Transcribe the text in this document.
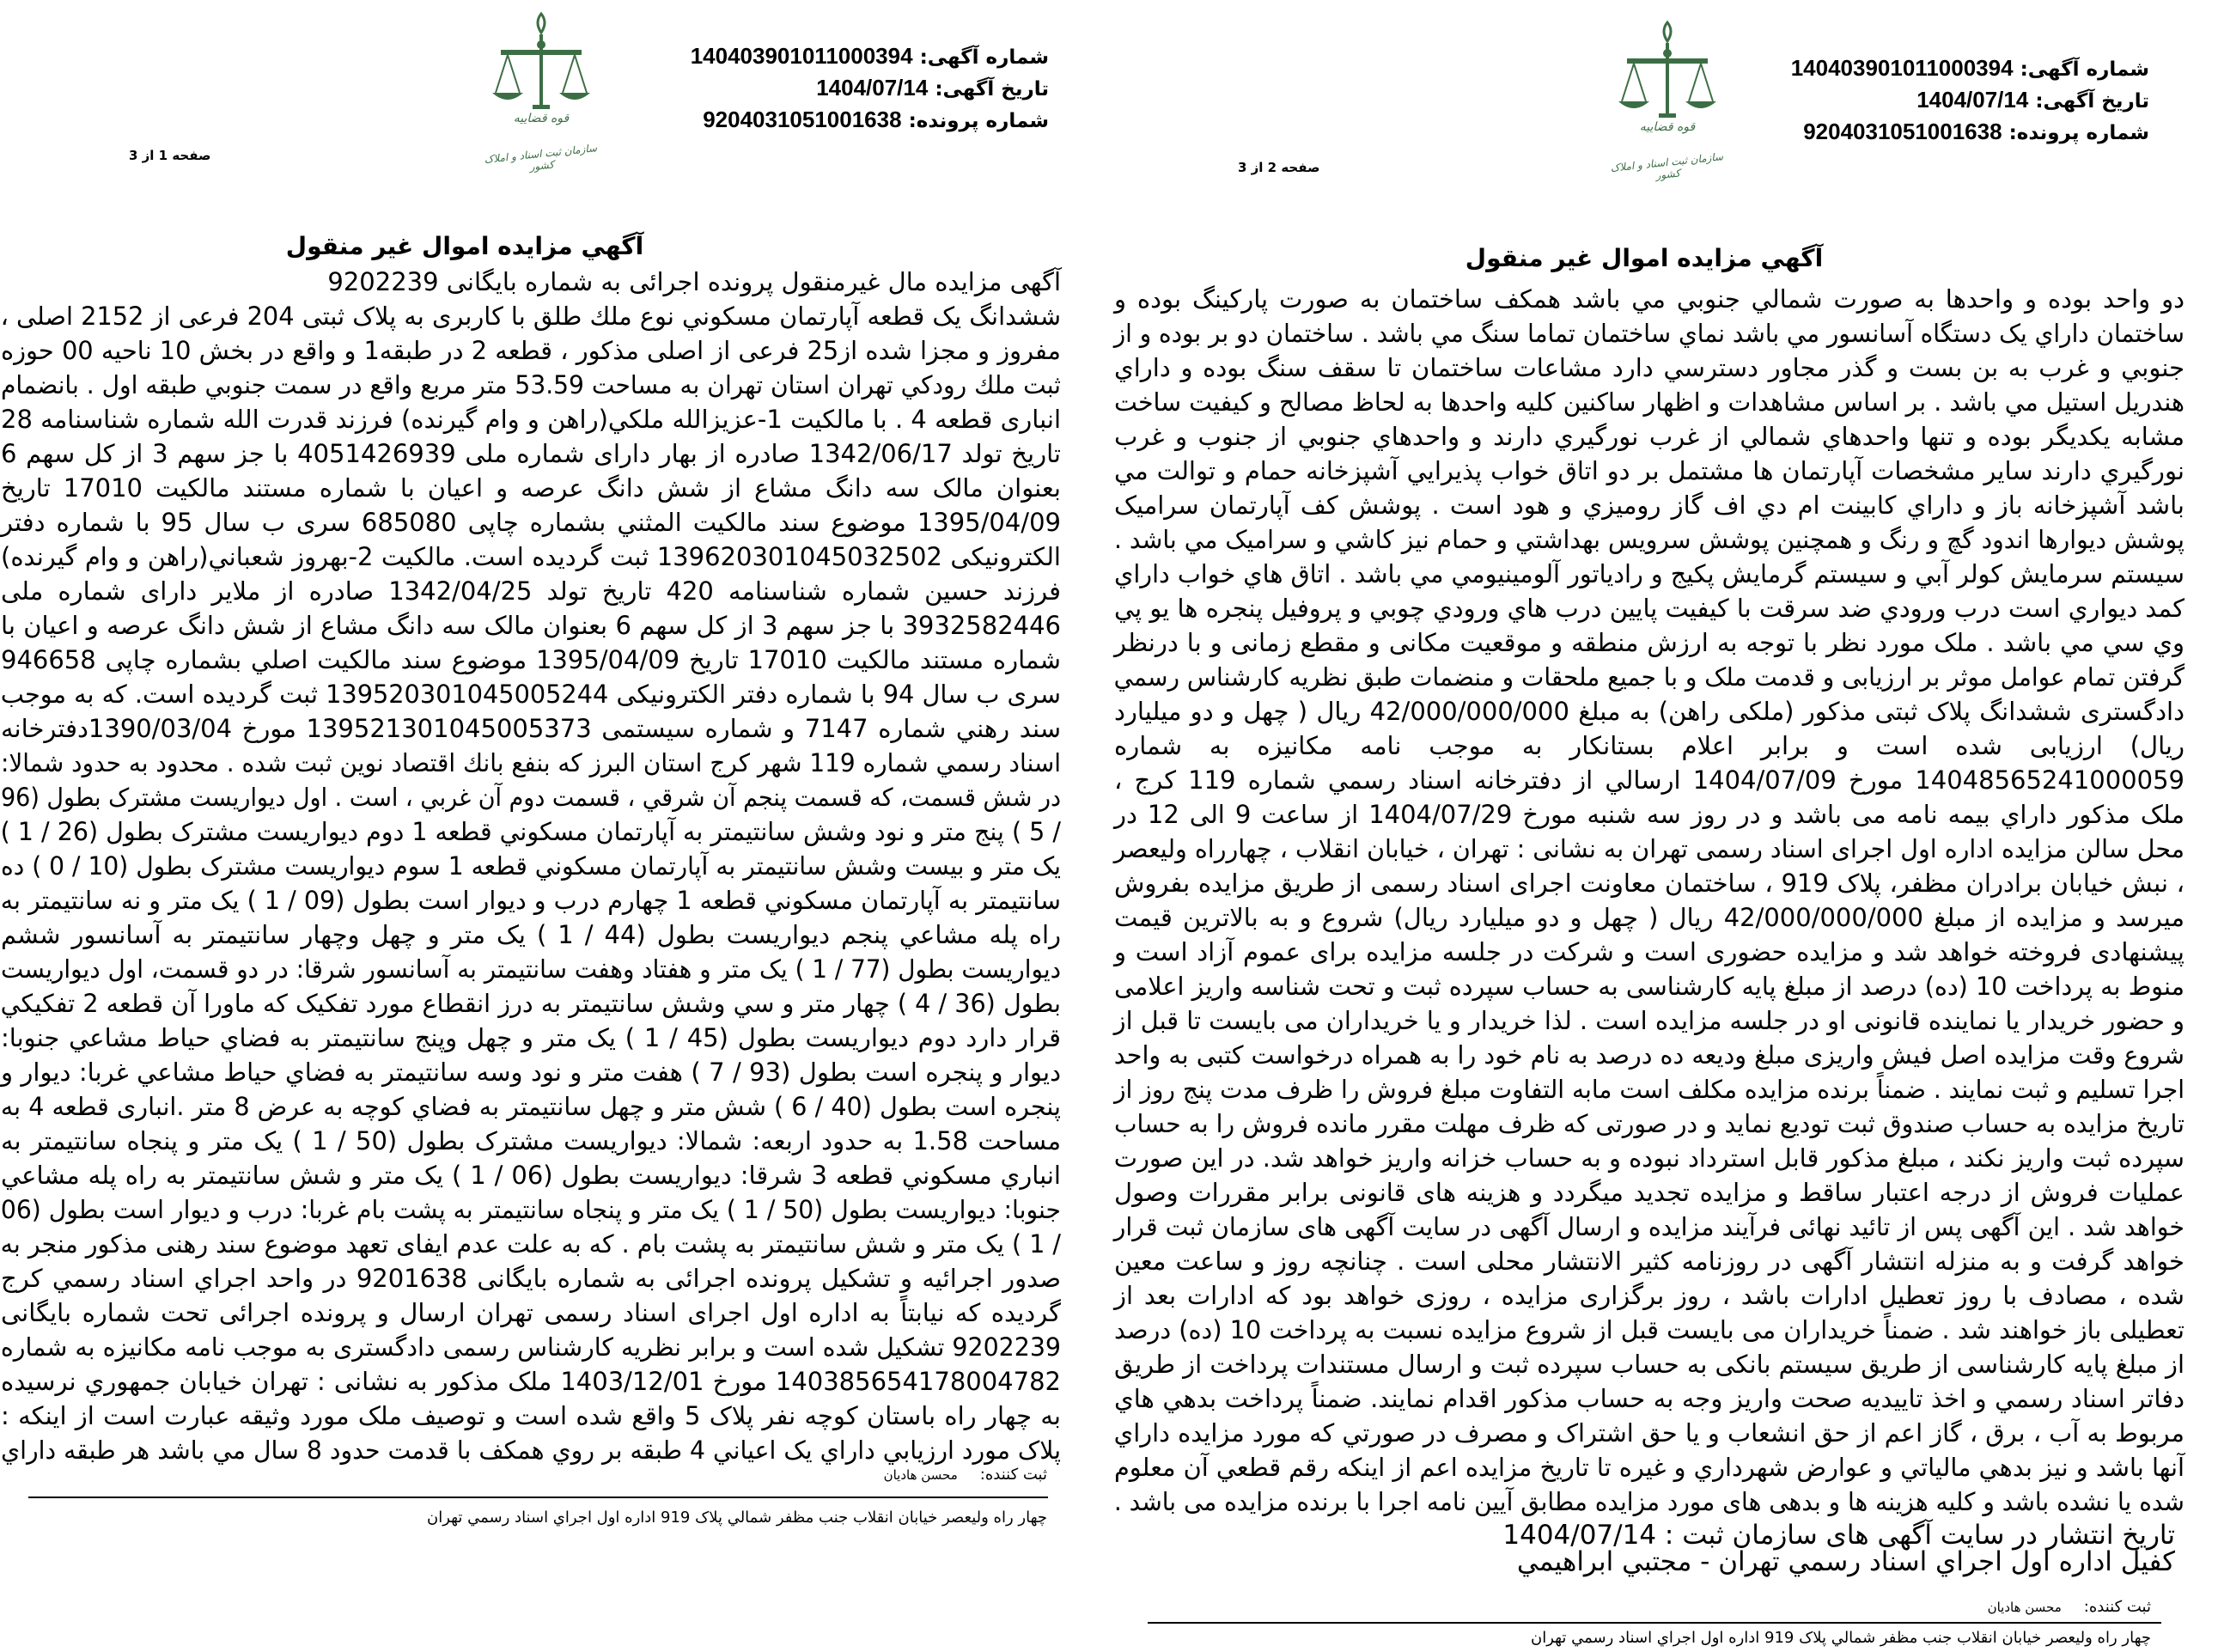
شماره آگهی: 140403901011000394
تاریخ آگهی: 1404/07/14
شماره پرونده: 9204031051001638
قوه قضاییه
سازمان ثبت اسناد و املاک کشور
صفحه 1 از 3
آگهي مزايده اموال غير منقول
آگهی مزایده مال غیرمنقول پرونده اجرائی به شماره بایگانی 9202239
ششدانگ یک قطعه آپارتمان مسكوني نوع ملك طلق با كاربری به پلاک ثبتی 204 فرعی از 2152 اصلی ،
مفروز و مجزا شده از25 فرعی از اصلی مذكور ، قطعه 2 در طبقه1 و واقع در بخش 10 ناحيه 00 حوزه
ثبت ملك رودكي تهران استان تهران به مساحت 53.59 متر مربع واقع در سمت جنوبي طبقه اول . بانضمام
انباری قطعه 4 . با مالكيت 1-عزيزالله ملكي(راهن و وام گيرنده) فرزند قدرت الله شماره شناسنامه 28
تاريخ تولد 1342/06/17 صادره از بهار دارای شماره ملی 4051426939 با جز سهم 3 از كل سهم 6
بعنوان مالک سه دانگ مشاع از شش دانگ عرصه و اعيان با شماره مستند مالكيت 17010 تاريخ
1395/04/09 موضوع سند مالكيت المثني بشماره چاپی 685080 سری ب سال 95 با شماره دفتر
الكترونيكی 139620301045032502 ثبت گرديده است. مالكيت 2-بهروز شعباني(راهن و وام گيرنده)
فرزند حسين شماره شناسنامه 420 تاريخ تولد 1342/04/25 صادره از ملاير دارای شماره ملی
3932582446 با جز سهم 3 از كل سهم 6 بعنوان مالک سه دانگ مشاع از شش دانگ عرصه و اعيان با
شماره مستند مالكيت 17010 تاريخ 1395/04/09 موضوع سند مالكيت اصلي بشماره چاپی 946658
سری ب سال 94 با شماره دفتر الكترونيكی 139520301045005244 ثبت گرديده است. كه به موجب
سند رهني شماره 7147 و شماره سيستمی 139521301045005373 مورخ 1390/03/04دفترخانه
اسناد رسمي شماره 119 شهر كرج استان البرز كه بنفع بانك اقتصاد نوين ثبت شده . محدود به حدود شمالا:
در شش قسمت، كه قسمت پنجم آن شرقي ، قسمت دوم آن غربي ، است . اول ديواريست مشترک بطول (96
/ 5 ) پنج متر و نود وشش سانتيمتر به آپارتمان مسكوني قطعه 1 دوم ديواريست مشترک بطول (26 / 1 )
يک متر و بيست وشش سانتيمتر به آپارتمان مسكوني قطعه 1 سوم ديواريست مشترک بطول (10 / 0 ) ده
سانتيمتر به آپارتمان مسكوني قطعه 1 چهارم درب و ديوار است بطول (09 / 1 ) يک متر و نه سانتيمتر به
راه پله مشاعي پنجم ديواريست بطول (44 / 1 ) يک متر و چهل وچهار سانتيمتر به آسانسور ششم
ديواريست بطول (77 / 1 ) يک متر و هفتاد وهفت سانتيمتر به آسانسور شرقا: در دو قسمت، اول ديواريست
بطول (36 / 4 ) چهار متر و سي وشش سانتيمتر به درز انقطاع مورد تفكيک كه ماورا آن قطعه 2 تفكيكي
قرار دارد دوم ديواريست بطول (45 / 1 ) يک متر و چهل وپنج سانتيمتر به فضاي حياط مشاعي جنوبا:
ديوار و پنجره است بطول (93 / 7 ) هفت متر و نود وسه سانتيمتر به فضاي حياط مشاعي غربا: ديوار و
پنجره است بطول (40 / 6 ) شش متر و چهل سانتيمتر به فضاي كوچه به عرض 8 متر .انباری قطعه 4 به
مساحت 1.58 به حدود اربعه: شمالا: ديواريست مشترک بطول (50 / 1 ) يک متر و پنجاه سانتيمتر به
انباري مسكوني قطعه 3 شرقا: ديواريست بطول (06 / 1 ) يک متر و شش سانتيمتر به راه پله مشاعي
جنوبا: ديواريست بطول (50 / 1 ) يک متر و پنجاه سانتيمتر به پشت بام غربا: درب و ديوار است بطول (06
/ 1 ) يک متر و شش سانتيمتر به پشت بام . كه به علت عدم ايفای تعهد موضوع سند رهنی مذكور منجر به
صدور اجرائيه و تشكيل پرونده اجرائی به شماره بايگانی 9201638 در واحد اجراي اسناد رسمي كرج
گرديده كه نيابتاً به اداره اول اجرای اسناد رسمی تهران ارسال و پرونده اجرائی تحت شماره بايگانی
9202239 تشكيل شده است و برابر نظريه كارشناس رسمی دادگستری به موجب نامه مكانيزه به شماره
140385654178004782 مورخ 1403/12/01 ملک مذكور به نشانی : تهران خيابان جمهوري نرسيده
به چهار راه باستان كوچه نفر پلاک 5 واقع شده است و توصيف ملک مورد وثيقه عبارت است از اينكه :
پلاک مورد ارزيابي داراي يک اعياني 4 طبقه بر روي همكف با قدمت حدود 8 سال مي باشد هر طبقه داراي
ثبت كننده:محسن هاديان
چهار راه وليعصر خيابان انقلاب جنب مظفر شمالي پلاک 919 اداره اول اجراي اسناد رسمي تهران
شماره آگهی: 140403901011000394
تاریخ آگهی: 1404/07/14
شماره پرونده: 9204031051001638
قوه قضاییه
سازمان ثبت اسناد و املاک کشور
صفحه 2 از 3
آگهي مزايده اموال غير منقول
دو واحد بوده و واحدها به صورت شمالي جنوبي مي باشد همكف ساختمان به صورت پاركينگ بوده و
ساختمان داراي يک دستگاه آسانسور مي باشد نماي ساختمان تماما سنگ مي باشد . ساختمان دو بر بوده و از
جنوبي و غرب به بن بست و گذر مجاور دسترسي دارد مشاعات ساختمان تا سقف سنگ بوده و داراي
هندريل استيل مي باشد . بر اساس مشاهدات و اظهار ساكنين كليه واحدها به لحاظ مصالح و كيفيت ساخت
مشابه يكديگر بوده و تنها واحدهاي شمالي از غرب نورگيري دارند و واحدهاي جنوبي از جنوب و غرب
نورگيري دارند ساير مشخصات آپارتمان ها مشتمل بر دو اتاق خواب پذيرايي آشپزخانه حمام و توالت مي
باشد آشپزخانه باز و داراي كابينت ام دي اف گاز روميزي و هود است . پوشش كف آپارتمان سراميک
پوشش ديوارها اندود گچ و رنگ و همچنين پوشش سرويس بهداشتي و حمام نيز كاشي و سراميک مي باشد .
سيستم سرمايش كولر آبي و سيستم گرمايش پكيج و رادياتور آلومينيومي مي باشد . اتاق هاي خواب داراي
كمد ديواري است درب ورودي ضد سرقت با كيفيت پايين درب هاي ورودي چوبي و پروفيل پنجره ها يو پي
وي سي مي باشد . ملک مورد نظر با توجه به ارزش منطقه و موقعيت مكانی و مقطع زمانی و با درنظر
گرفتن تمام عوامل موثر بر ارزيابی و قدمت ملک و با جميع ملحقات و منضمات طبق نظريه كارشناس رسمي
دادگستری ششدانگ پلاک ثبتی مذكور (ملکی راهن) به مبلغ 42/000/000/000 ريال ( چهل و دو ميليارد
ريال) ارزيابی شده است و برابر اعلام بستانكار به موجب نامه مكانيزه به شماره
14048565241000059 مورخ 1404/07/09 ارسالي از دفترخانه اسناد رسمي شماره 119 كرج ،
ملک مذكور داراي بيمه نامه می باشد و در روز سه شنبه مورخ 1404/07/29 از ساعت 9 الی 12 در
محل سالن مزايده اداره اول اجرای اسناد رسمی تهران به نشانی : تهران ، خيابان انقلاب ، چهارراه وليعصر
، نبش خيابان برادران مظفر، پلاک 919 ، ساختمان معاونت اجرای اسناد رسمی از طريق مزايده بفروش
ميرسد و مزايده از مبلغ 42/000/000/000 ريال ( چهل و دو ميليارد ريال) شروع و به بالاترين قيمت
پيشنهادی فروخته خواهد شد و مزايده حضوری است و شركت در جلسه مزايده برای عموم آزاد است و
منوط به پرداخت 10 (ده) درصد از مبلغ پايه كارشناسی به حساب سپرده ثبت و تحت شناسه واريز اعلامی
و حضور خريدار يا نماينده قانونی او در جلسه مزايده است . لذا خريدار و يا خريداران می بايست تا قبل از
شروع وقت مزايده اصل فيش واريزی مبلغ وديعه ده درصد به نام خود را به همراه درخواست كتبی به واحد
اجرا تسليم و ثبت نمايند . ضمناً برنده مزايده مكلف است مابه التفاوت مبلغ فروش را ظرف مدت پنج روز از
تاريخ مزايده به حساب صندوق ثبت توديع نمايد و در صورتی كه ظرف مهلت مقرر مانده فروش را به حساب
سپرده ثبت واريز نكند ، مبلغ مذكور قابل استرداد نبوده و به حساب خزانه واريز خواهد شد. در اين صورت
عمليات فروش از درجه اعتبار ساقط و مزايده تجديد ميگردد و هزينه های قانونی برابر مقررات وصول
خواهد شد . اين آگهی پس از تائيد نهائی فرآيند مزايده و ارسال آگهی در سايت آگهی های سازمان ثبت قرار
خواهد گرفت و به منزله انتشار آگهی در روزنامه كثير الانتشار محلی است . چنانچه روز و ساعت معين
شده ، مصادف با روز تعطيل ادارات باشد ، روز برگزاری مزايده ، روزی خواهد بود كه ادارات بعد از
تعطيلی باز خواهند شد . ضمناً خريداران می بايست قبل از شروع مزايده نسبت به پرداخت 10 (ده) درصد
از مبلغ پايه كارشناسی از طريق سيستم بانكی به حساب سپرده ثبت و ارسال مستندات پرداخت از طريق
دفاتر اسناد رسمي و اخذ تاييديه صحت واريز وجه به حساب مذكور اقدام نمايند. ضمناً پرداخت بدهي هاي
مربوط به آب ، برق ، گاز اعم از حق انشعاب و يا حق اشتراک و مصرف در صورتي كه مورد مزايده داراي
آنها باشد و نيز بدهي مالياتي و عوارض شهرداري و غيره تا تاريخ مزايده اعم از اينكه رقم قطعي آن معلوم
شده يا نشده باشد و كليه هزينه ها و بدهی های مورد مزايده مطابق آيين نامه اجرا با برنده مزايده می باشد .
تاريخ انتشار در سايت آگهی های سازمان ثبت : 1404/07/14
كفيل اداره اول اجراي اسناد رسمي تهران - مجتبي ابراهيمي
ثبت كننده:محسن هاديان
چهار راه وليعصر خيابان انقلاب جنب مظفر شمالي پلاک 919 اداره اول اجراي اسناد رسمي تهران
